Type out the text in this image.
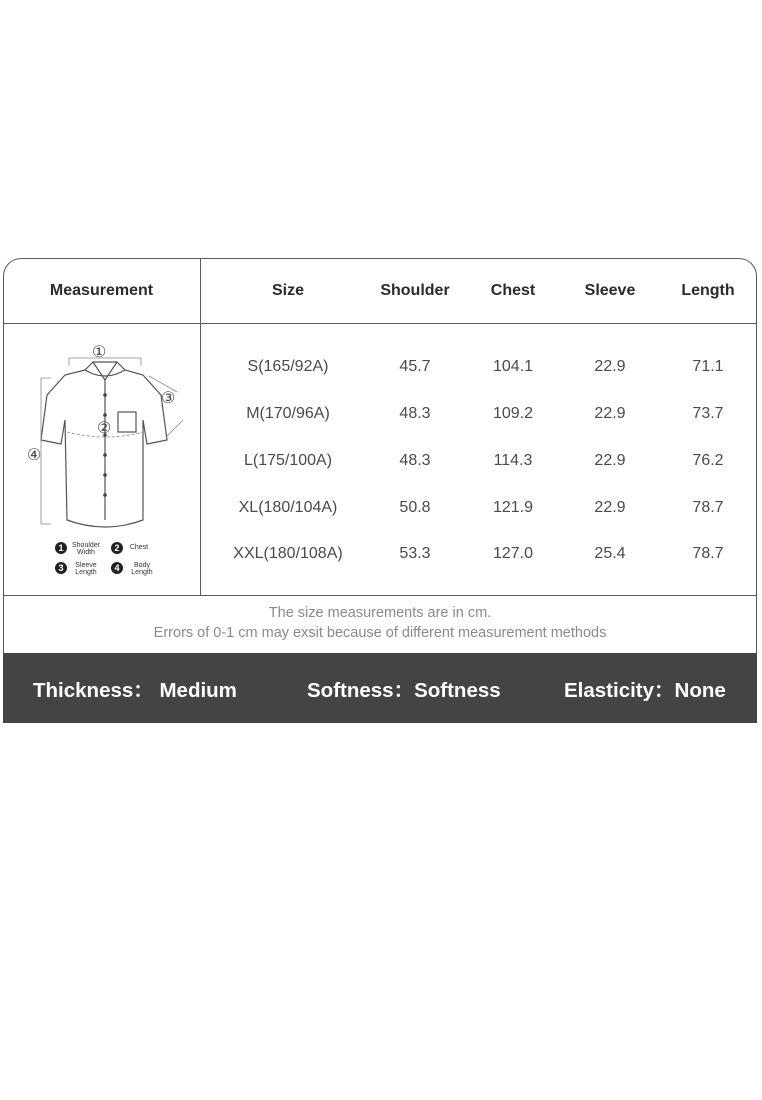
Measurement	Size	Shoulder	Chest	Sleeve	Length
S(165/92A)	45.7	104.1	22.9	71.1
M(170/96A)	48.3	109.2	22.9	73.7
L(175/100A)	48.3	114.3	22.9	76.2
XL(180/104A)	50.8	121.9	22.9	78.7
XXL(180/108A)	53.3	127.0	25.4	78.7
①
②
③
④
1	Shoulder
Width	2	Chest
3	Sleeve
Length	4	Body
Length
The size measurements are in cm.
Errors of 0-1 cm may exsit because of different measurement methods
Thickness： Medium	Softness：Softness	Elasticity：None
